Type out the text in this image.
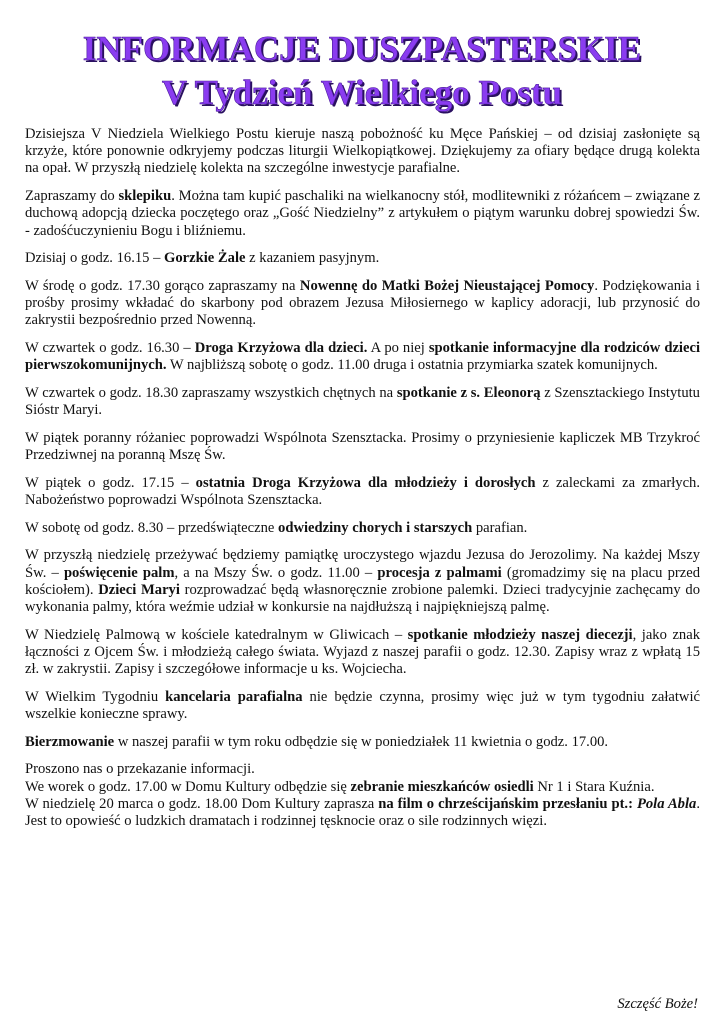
INFORMACJE DUSZPASTERSKIE
V Tydzień Wielkiego Postu

Dzisiejsza V Niedziela Wielkiego Postu kieruje naszą pobożność ku Męce Pańskiej – od dzisiaj zasłonięte są krzyże, które ponownie odkryjemy podczas liturgii Wielkopiątkowej. Dziękujemy za ofiary będące drugą kolekta na opał. W przyszłą niedzielę kolekta na szczególne inwestycje parafialne.

Zapraszamy do sklepiku. Można tam kupić paschaliki na wielkanocny stół, modlitewniki z różańcem – związane z duchową adopcją dziecka poczętego oraz „Gość Niedzielny” z artykułem o piątym warunku dobrej spowiedzi Św. - zadośćuczynieniu Bogu i bliźniemu.

Dzisiaj o godz. 16.15 – Gorzkie Żale z kazaniem pasyjnym.

W środę o godz. 17.30 gorąco zapraszamy na Nowennę do Matki Bożej Nieustającej Pomocy. Podziękowania i prośby prosimy wkładać do skarbony pod obrazem Jezusa Miłosiernego w kaplicy adoracji, lub przynosić do zakrystii bezpośrednio przed Nowenną.

W czwartek o godz. 16.30 – Droga Krzyżowa dla dzieci. A po niej spotkanie informacyjne dla rodziców dzieci pierwszokomunijnych. W najbliższą sobotę o godz. 11.00 druga i ostatnia przymiarka szatek komunijnych.

W czwartek o godz. 18.30 zapraszamy wszystkich chętnych na spotkanie z s. Eleonorą z Szensztackiego Instytutu Sióstr Maryi.

W piątek poranny różaniec poprowadzi Wspólnota Szensztacka. Prosimy o przyniesienie kapliczek MB Trzykroć Przedziwnej na poranną Mszę Św.

W piątek o godz. 17.15 – ostatnia Droga Krzyżowa dla młodzieży i dorosłych z zaleckami za zmarłych. Nabożeństwo poprowadzi Wspólnota Szensztacka.

W sobotę od godz. 8.30 – przedświąteczne odwiedziny chorych i starszych parafian.

W przyszłą niedzielę przeżywać będziemy pamiątkę uroczystego wjazdu Jezusa do Jerozolimy. Na każdej Mszy Św. – poświęcenie palm, a na Mszy Św. o godz. 11.00 – procesja z palmami (gromadzimy się na placu przed kościołem). Dzieci Maryi rozprowadzać będą własnoręcznie zrobione palemki. Dzieci tradycyjnie zachęcamy do wykonania palmy, która weźmie udział w konkursie na najdłuższą i najpiękniejszą palmę.

W Niedzielę Palmową w kościele katedralnym w Gliwicach – spotkanie młodzieży naszej diecezji, jako znak łączności z Ojcem Św. i młodzieżą całego świata. Wyjazd z naszej parafii o godz. 12.30. Zapisy wraz z wpłatą 15 zł. w zakrystii. Zapisy i szczegółowe informacje u ks. Wojciecha.

W Wielkim Tygodniu kancelaria parafialna nie będzie czynna, prosimy więc już w tym tygodniu załatwić wszelkie konieczne sprawy.

Bierzmowanie w naszej parafii w tym roku odbędzie się w poniedziałek 11 kwietnia o godz. 17.00.

Proszono nas o przekazanie informacji.
We worek o godz. 17.00 w Domu Kultury odbędzie się zebranie mieszkańców osiedli Nr 1 i Stara Kuźnia.
W niedzielę 20 marca o godz. 18.00 Dom Kultury zaprasza na film o chrześcijańskim przesłaniu pt.: Pola Abla. Jest to opowieść o ludzkich dramatach i rodzinnej tęsknocie oraz o sile rodzinnych więzi.

Szczęść Boże!
